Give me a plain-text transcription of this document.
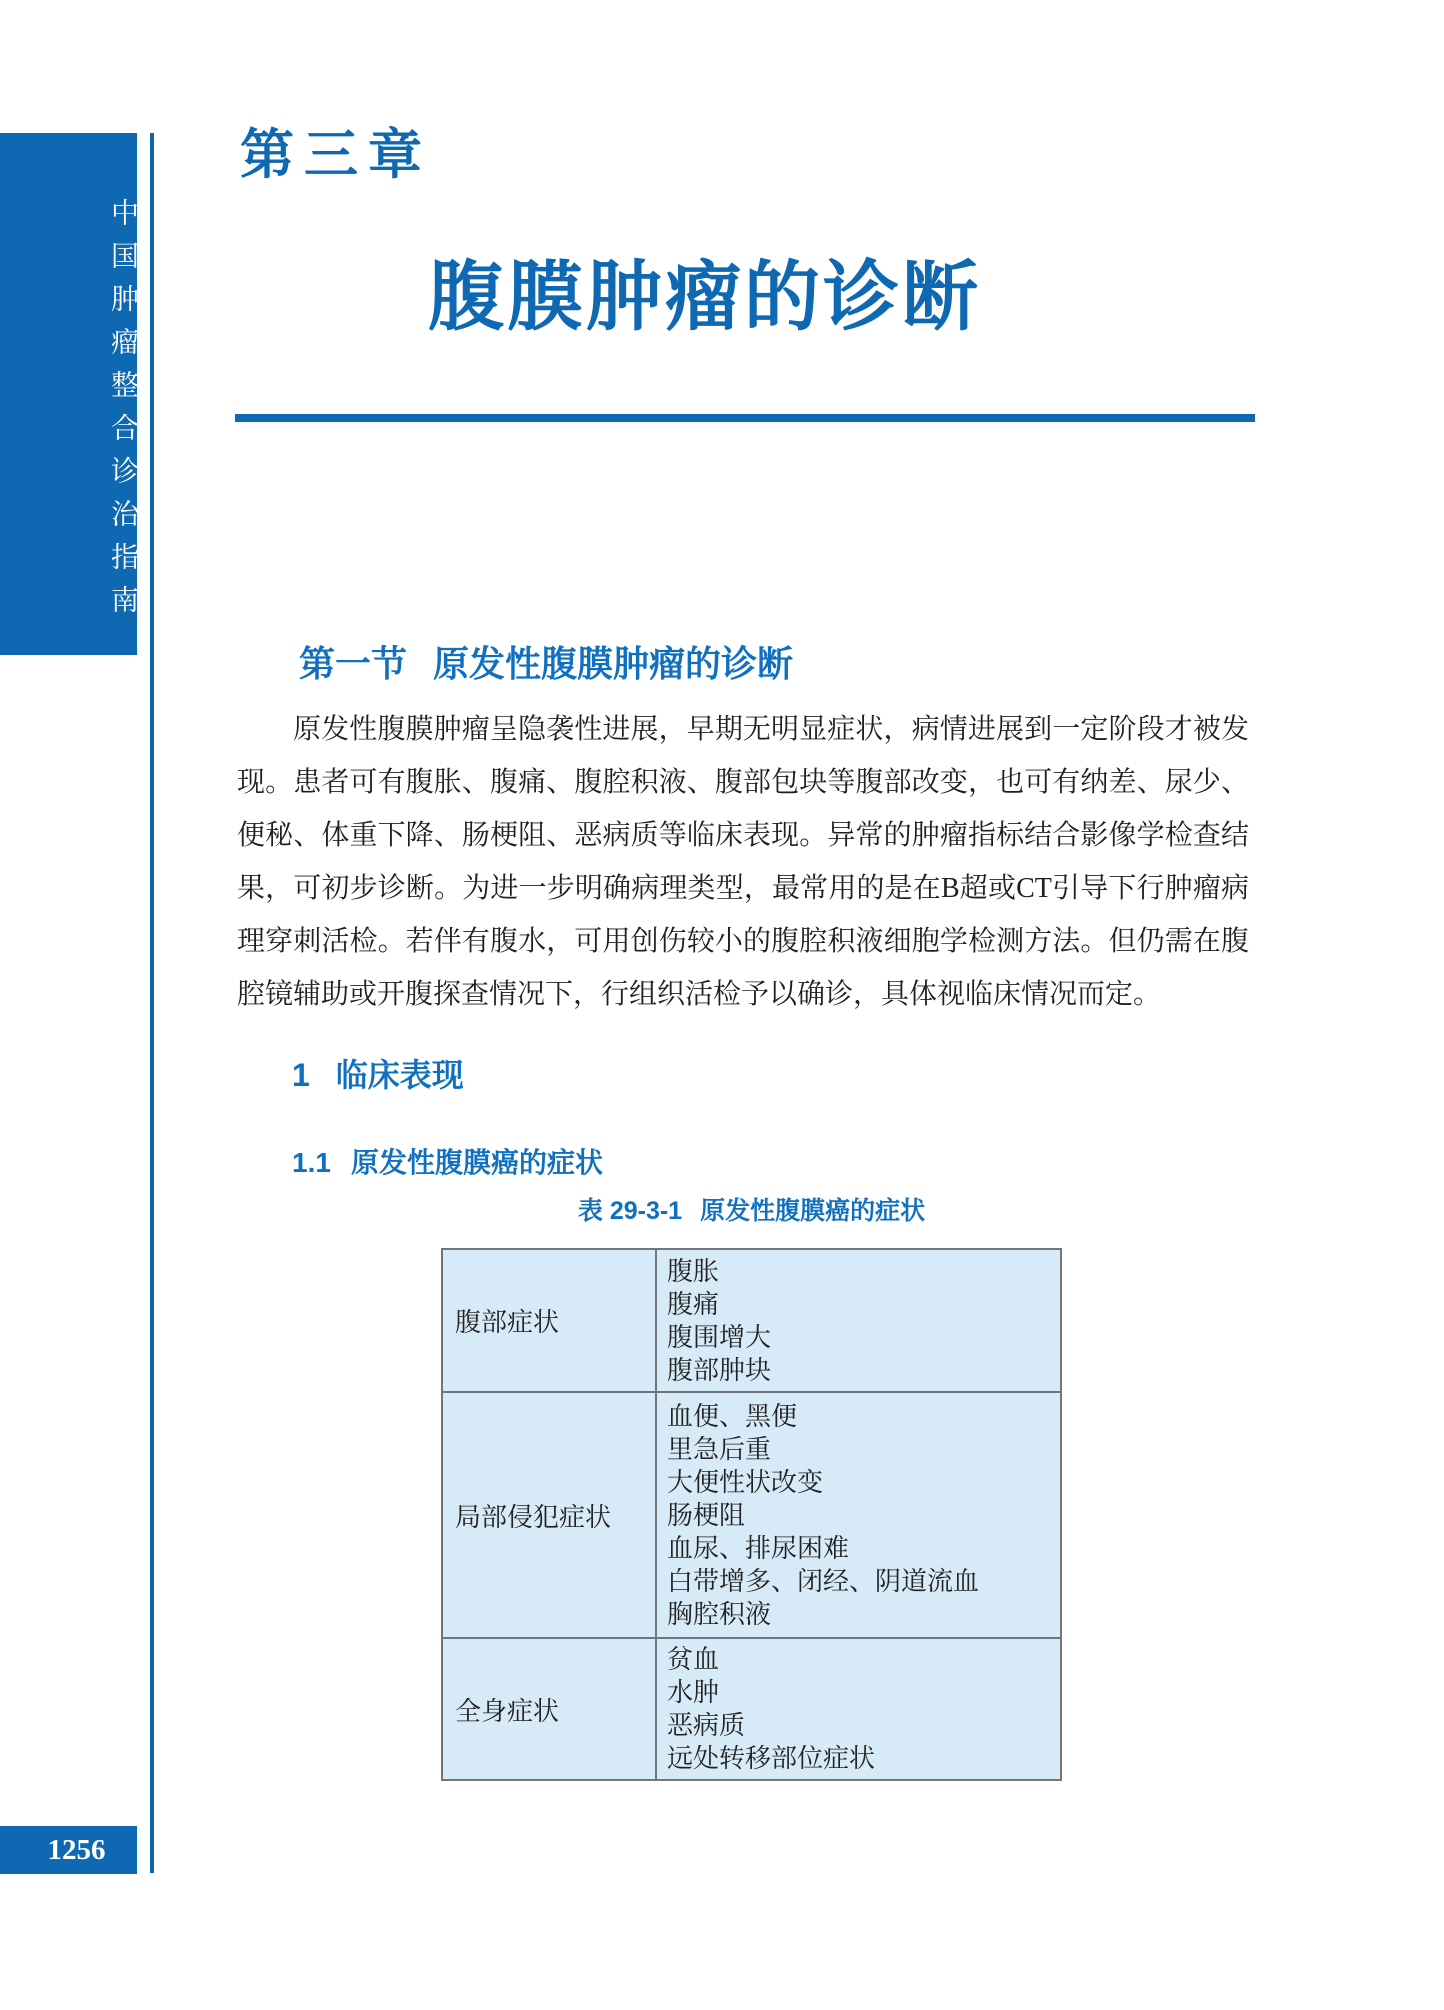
中国肿瘤整合诊治指南
第三章
腹膜肿瘤的诊断
第一节 原发性腹膜肿瘤的诊断
原发性腹膜肿瘤呈隐袭性进展，早期无明显症状，病情进展到一定阶段才被发现。患者可有腹胀、腹痛、腹腔积液、腹部包块等腹部改变，也可有纳差、尿少、便秘、体重下降、肠梗阻、恶病质等临床表现。异常的肿瘤指标结合影像学检查结果，可初步诊断。为进一步明确病理类型，最常用的是在B超或CT引导下行肿瘤病理穿刺活检。若伴有腹水，可用创伤较小的腹腔积液细胞学检测方法。但仍需在腹腔镜辅助或开腹探查情况下，行组织活检予以确诊，具体视临床情况而定。
1 临床表现
1.1 原发性腹膜癌的症状
表 29-3-1 原发性腹膜癌的症状
腹部症状
腹胀
腹痛
腹围增大
腹部肿块
局部侵犯症状
血便、黑便
里急后重
大便性状改变
肠梗阻
血尿、排尿困难
白带增多、闭经、阴道流血
胸腔积液
全身症状
贫血
水肿
恶病质
远处转移部位症状
1256
